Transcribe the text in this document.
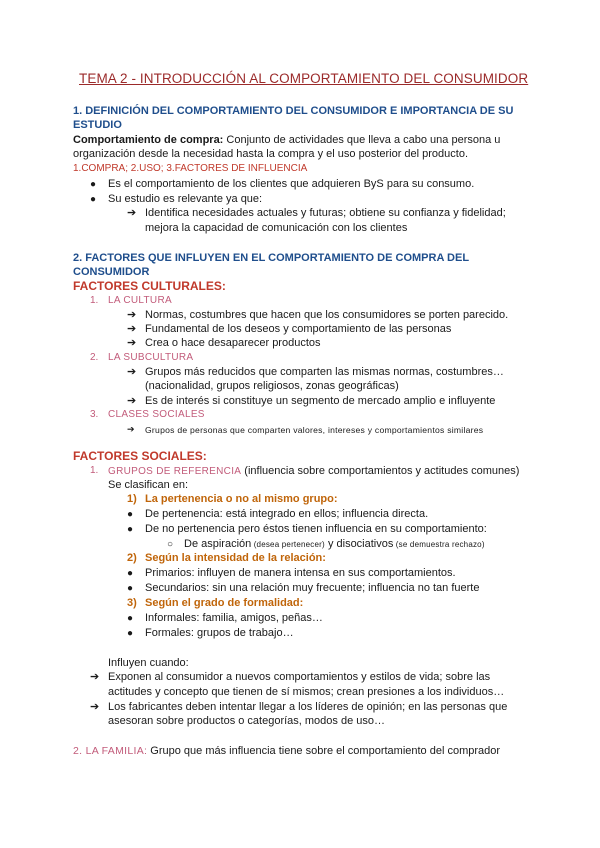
TEMA 2 - INTRODUCCIÓN AL COMPORTAMIENTO DEL CONSUMIDOR
1. DEFINICIÓN DEL COMPORTAMIENTO DEL CONSUMIDOR E IMPORTANCIA DE SU
ESTUDIO
Comportamiento de compra: Conjunto de actividades que lleva a cabo una persona u
organización desde la necesidad hasta la compra y el uso posterior del producto.
1.COMPRA; 2.USO; 3.FACTORES DE INFLUENCIA
● Es el comportamiento de los clientes que adquieren ByS para su consumo.
● Su estudio es relevante ya que:
➔ Identifica necesidades actuales y futuras; obtiene su confianza y fidelidad;
mejora la capacidad de comunicación con los clientes
2. FACTORES QUE INFLUYEN EN EL COMPORTAMIENTO DE COMPRA DEL
CONSUMIDOR
FACTORES CULTURALES:
1. LA CULTURA
➔ Normas, costumbres que hacen que los consumidores se porten parecido.
➔ Fundamental de los deseos y comportamiento de las personas
➔ Crea o hace desaparecer productos
2. LA SUBCULTURA
➔ Grupos más reducidos que comparten las mismas normas, costumbres…
(nacionalidad, grupos religiosos, zonas geográficas)
➔ Es de interés si constituye un segmento de mercado amplio e influyente
3. CLASES SOCIALES
➔ Grupos de personas que comparten valores, intereses y comportamientos similares
FACTORES SOCIALES:
1. GRUPOS DE REFERENCIA (influencia sobre comportamientos y actitudes comunes)
Se clasifican en:
1) La pertenencia o no al mismo grupo:
● De pertenencia: está integrado en ellos; influencia directa.
● De no pertenencia pero éstos tienen influencia en su comportamiento:
○ De aspiración (desea pertenecer) y disociativos (se demuestra rechazo)
2) Según la intensidad de la relación:
● Primarios: influyen de manera intensa en sus comportamientos.
● Secundarios: sin una relación muy frecuente; influencia no tan fuerte
3) Según el grado de formalidad:
● Informales: familia, amigos, peñas…
● Formales: grupos de trabajo…
Influyen cuando:
➔ Exponen al consumidor a nuevos comportamientos y estilos de vida; sobre las
actitudes y concepto que tienen de sí mismos; crean presiones a los individuos…
➔ Los fabricantes deben intentar llegar a los líderes de opinión; en las personas que
asesoran sobre productos o categorías, modos de uso…
2. LA FAMILIA: Grupo que más influencia tiene sobre el comportamiento del comprador
